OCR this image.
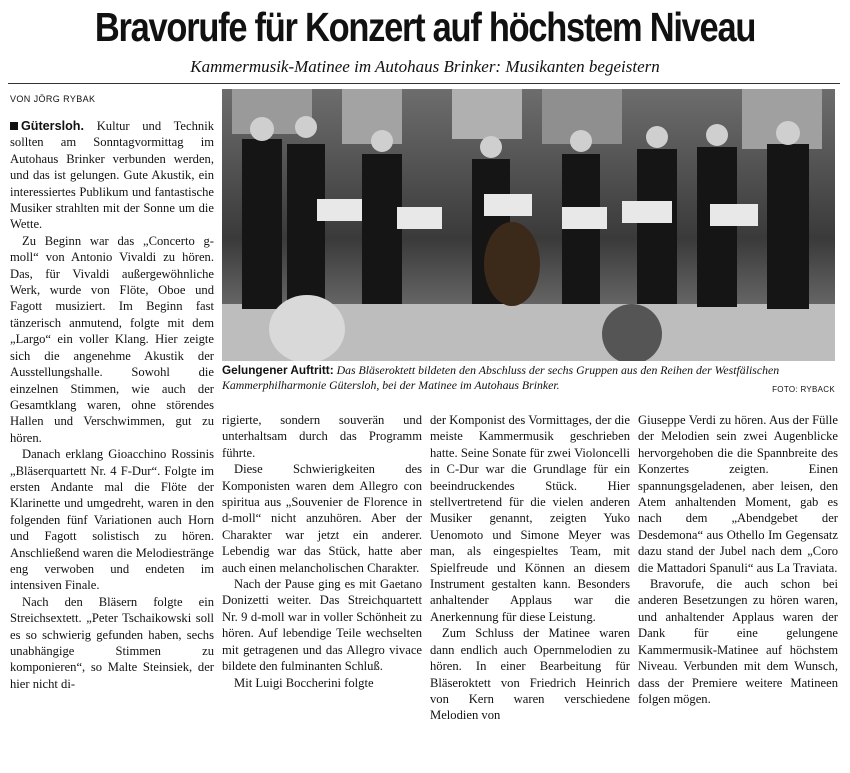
Bravorufe für Konzert auf höchstem Niveau
Kammermusik-Matinee im Autohaus Brinker: Musikanten begeistern
VON JÖRG RYBAK

Gütersloh. Kultur und Technik sollten am Sonntagvormittag im Autohaus Brinker verbunden werden, und das ist gelungen. Gute Akustik, ein interessiertes Publikum und fantastische Musiker strahlten mit der Sonne um die Wette.

Zu Beginn war das „Concerto g-moll“ von Antonio Vivaldi zu hören. Das, für Vivaldi außergewöhnliche Werk, wurde von Flöte, Oboe und Fagott musiziert. Im Beginn fast tänzerisch anmutend, folgte mit dem „Largo“ ein voller Klang. Hier zeigte sich die angenehme Akustik der Ausstellungshalle. Sowohl die einzelnen Stimmen, wie auch der Gesamtklang waren, ohne störendes Hallen und Verschwimmen, gut zu hören.

Danach erklang Gioacchino Rossinis „Bläserquartett Nr. 4 F-Dur“. Folgte im ersten Andante mal die Flöte der Klarinette und umgedreht, waren in den folgenden fünf Variationen auch Horn und Fagott solistisch zu hören. Anschließend waren die Melodiestränge eng verwoben und endeten im intensiven Finale.

Nach den Bläsern folgte ein Streichsextett. „Peter Tschaikowski soll es so schwierig gefunden haben, sechs unabhängige Stimmen zu komponieren“, so Malte Steinsiek, der hier nicht di-

Gelungener Auftritt: Das Bläseroktett bildeten den Abschluss der sechs Gruppen aus den Reihen der Westfälischen Kammerphilharmonie Gütersloh, bei der Matinee im Autohaus Brinker.	FOTO: RYBACK

rigierte, sondern souverän und unterhaltsam durch das Programm führte.

Diese Schwierigkeiten des Komponisten waren dem Allegro con spiritua aus „Souvenier de Florence in d-moll“ nicht anzuhören. Aber der Charakter war jetzt ein anderer. Lebendig war das Stück, hatte aber auch einen melancholischen Charakter.

Nach der Pause ging es mit Gaetano Donizetti weiter. Das Streichquartett Nr. 9 d-moll war in voller Schönheit zu hören. Auf lebendige Teile wechselten mit getragenen und das Allegro vivace bildete den fulminanten Schluß.

Mit Luigi Boccherini folgte

der Komponist des Vormittages, der die meiste Kammermusik geschrieben hatte. Seine Sonate für zwei Violoncelli in C-Dur war die Grundlage für ein beeindruckendes Stück. Hier stellvertretend für die vielen anderen Musiker genannt, zeigten Yuko Uenomoto und Simone Meyer was man, als eingespieltes Team, mit Spielfreude und Können an diesem Instrument gestalten kann. Besonders anhaltender Applaus war die Anerkennung für diese Leistung.

Zum Schluss der Matinee waren dann endlich auch Opernmelodien zu hören. In einer Bearbeitung für Bläseroktett von Friedrich Heinrich von Kern waren verschiedene Melodien von

Giuseppe Verdi zu hören. Aus der Fülle der Melodien sein zwei Augenblicke hervorgehoben die die Spannbreite des Konzertes zeigten. Einen spannungsgeladenen, aber leisen, den Atem anhaltenden Moment, gab es nach dem „Abendgebet der Desdemona“ aus Othello Im Gegensatz dazu stand der Jubel nach dem „Coro die Mattadori Spanuli“ aus La Traviata.

Bravorufe, die auch schon bei anderen Besetzungen zu hören waren, und anhaltender Applaus waren der Dank für eine gelungene Kammermusik-Matinee auf höchstem Niveau. Verbunden mit dem Wunsch, dass der Premiere weitere Matineen folgen mögen.
